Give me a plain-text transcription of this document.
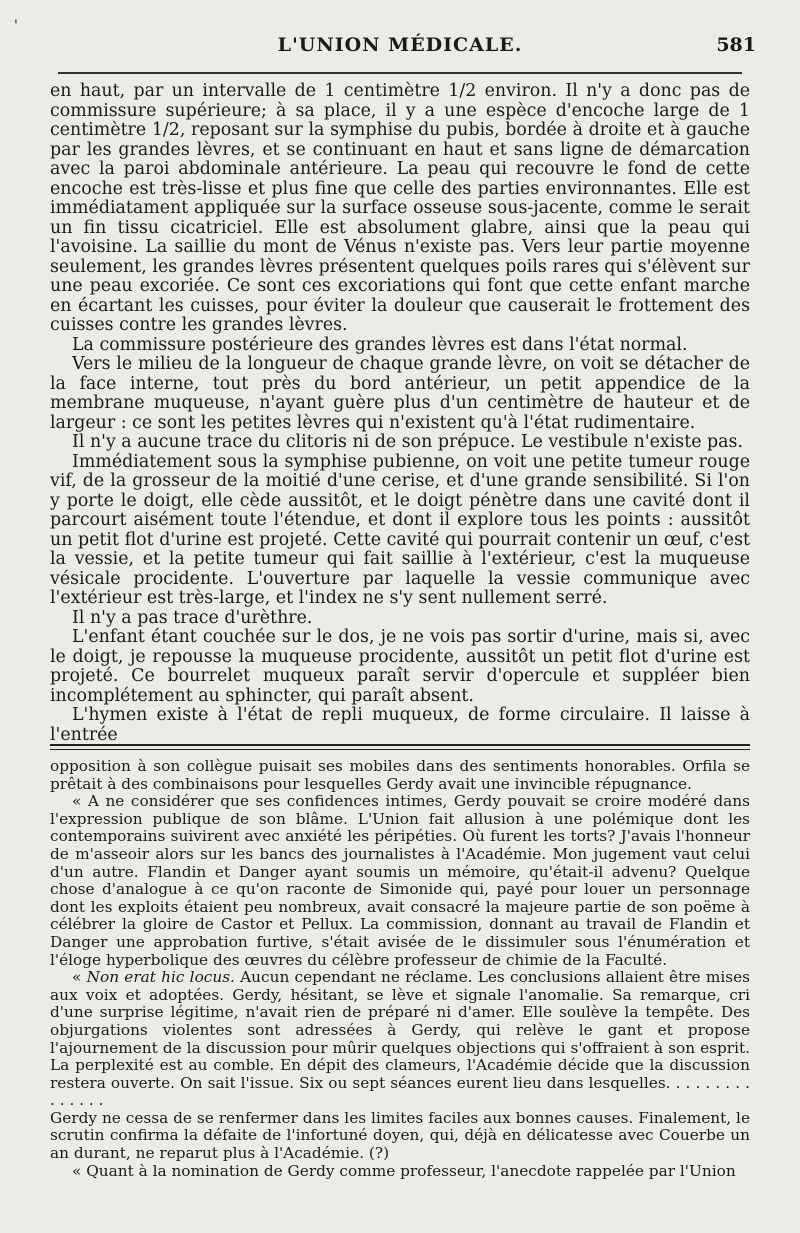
'
L'UNION MÉDICALE.	581

en haut, par un intervalle de 1 centimètre 1/2 environ. Il n'y a donc pas de commissure supérieure; à sa place, il y a une espèce d'encoche large de 1 centimètre 1/2, reposant sur la symphise du pubis, bordée à droite et à gauche par les grandes lèvres, et se continuant en haut et sans ligne de démarcation avec la paroi abdominale antérieure. La peau qui recouvre le fond de cette encoche est très-lisse et plus fine que celle des parties environnantes. Elle est immédiatament appliquée sur la surface osseuse sous-jacente, comme le serait un fin tissu cicatriciel. Elle est absolument glabre, ainsi que la peau qui l'avoisine. La saillie du mont de Vénus n'existe pas. Vers leur partie moyenne seulement, les grandes lèvres présentent quelques poils rares qui s'élèvent sur une peau excoriée. Ce sont ces excoriations qui font que cette enfant marche en écartant les cuisses, pour éviter la douleur que causerait le frottement des cuisses contre les grandes lèvres.

La commissure postérieure des grandes lèvres est dans l'état normal.

Vers le milieu de la longueur de chaque grande lèvre, on voit se détacher de la face interne, tout près du bord antérieur, un petit appendice de la membrane muqueuse, n'ayant guère plus d'un centimètre de hauteur et de largeur : ce sont les petites lèvres qui n'existent qu'à l'état rudimentaire.

Il n'y a aucune trace du clitoris ni de son prépuce. Le vestibule n'existe pas.

Immédiatement sous la symphise pubienne, on voit une petite tumeur rouge vif, de la grosseur de la moitié d'une cerise, et d'une grande sensibilité. Si l'on y porte le doigt, elle cède aussitôt, et le doigt pénètre dans une cavité dont il parcourt aisément toute l'étendue, et dont il explore tous les points : aussitôt un petit flot d'urine est projeté. Cette cavité qui pourrait contenir un œuf, c'est la vessie, et la petite tumeur qui fait saillie à l'extérieur, c'est la muqueuse vésicale procidente. L'ouverture par laquelle la vessie communique avec l'extérieur est très-large, et l'index ne s'y sent nullement serré.

Il n'y a pas trace d'urèthre.

L'enfant étant couchée sur le dos, je ne vois pas sortir d'urine, mais si, avec le doigt, je repousse la muqueuse procidente, aussitôt un petit flot d'urine est projeté. Ce bourrelet muqueux paraît servir d'opercule et suppléer bien incomplétement au sphincter, qui paraît absent.

L'hymen existe à l'état de repli muqueux, de forme circulaire. Il laisse à l'entrée

opposition à son collègue puisait ses mobiles dans des sentiments honorables. Orfila se prêtait à des combinaisons pour lesquelles Gerdy avait une invincible répugnance.

« A ne considérer que ses confidences intimes, Gerdy pouvait se croire modéré dans l'expression publique de son blâme. L'Union fait allusion à une polémique dont les contemporains suivirent avec anxiété les péripéties. Où furent les torts? J'avais l'honneur de m'asseoir alors sur les bancs des journalistes à l'Académie. Mon jugement vaut celui d'un autre. Flandin et Danger ayant soumis un mémoire, qu'était-il advenu? Quelque chose d'analogue à ce qu'on raconte de Simonide qui, payé pour louer un personnage dont les exploits étaient peu nombreux, avait consacré la majeure partie de son poëme à célébrer la gloire de Castor et Pellux. La commission, donnant au travail de Flandin et Danger une approbation furtive, s'était avisée de le dissimuler sous l'énumération et l'éloge hyperbolique des œuvres du célèbre professeur de chimie de la Faculté.

« Non erat hic locus. Aucun cependant ne réclame. Les conclusions allaient être mises aux voix et adoptées. Gerdy, hésitant, se lève et signale l'anomalie. Sa remarque, cri d'une surprise légitime, n'avait rien de préparé ni d'amer. Elle soulève la tempête. Des objurgations violentes sont adressées à Gerdy, qui relève le gant et propose l'ajournement de la discussion pour mûrir quelques objections qui s'offraient à son esprit. La perplexité est au comble. En dépit des clameurs, l'Académie décide que la discussion restera ouverte. On sait l'issue. Six ou sept séances eurent lieu dans lesquelles. . . . . . . . . . . . . . .

Gerdy ne cessa de se renfermer dans les limites faciles aux bonnes causes. Finalement, le scrutin confirma la défaite de l'infortuné doyen, qui, déjà en délicatesse avec Couerbe un an durant, ne reparut plus à l'Académie. (?)

« Quant à la nomination de Gerdy comme professeur, l'anecdote rappelée par l'Union
